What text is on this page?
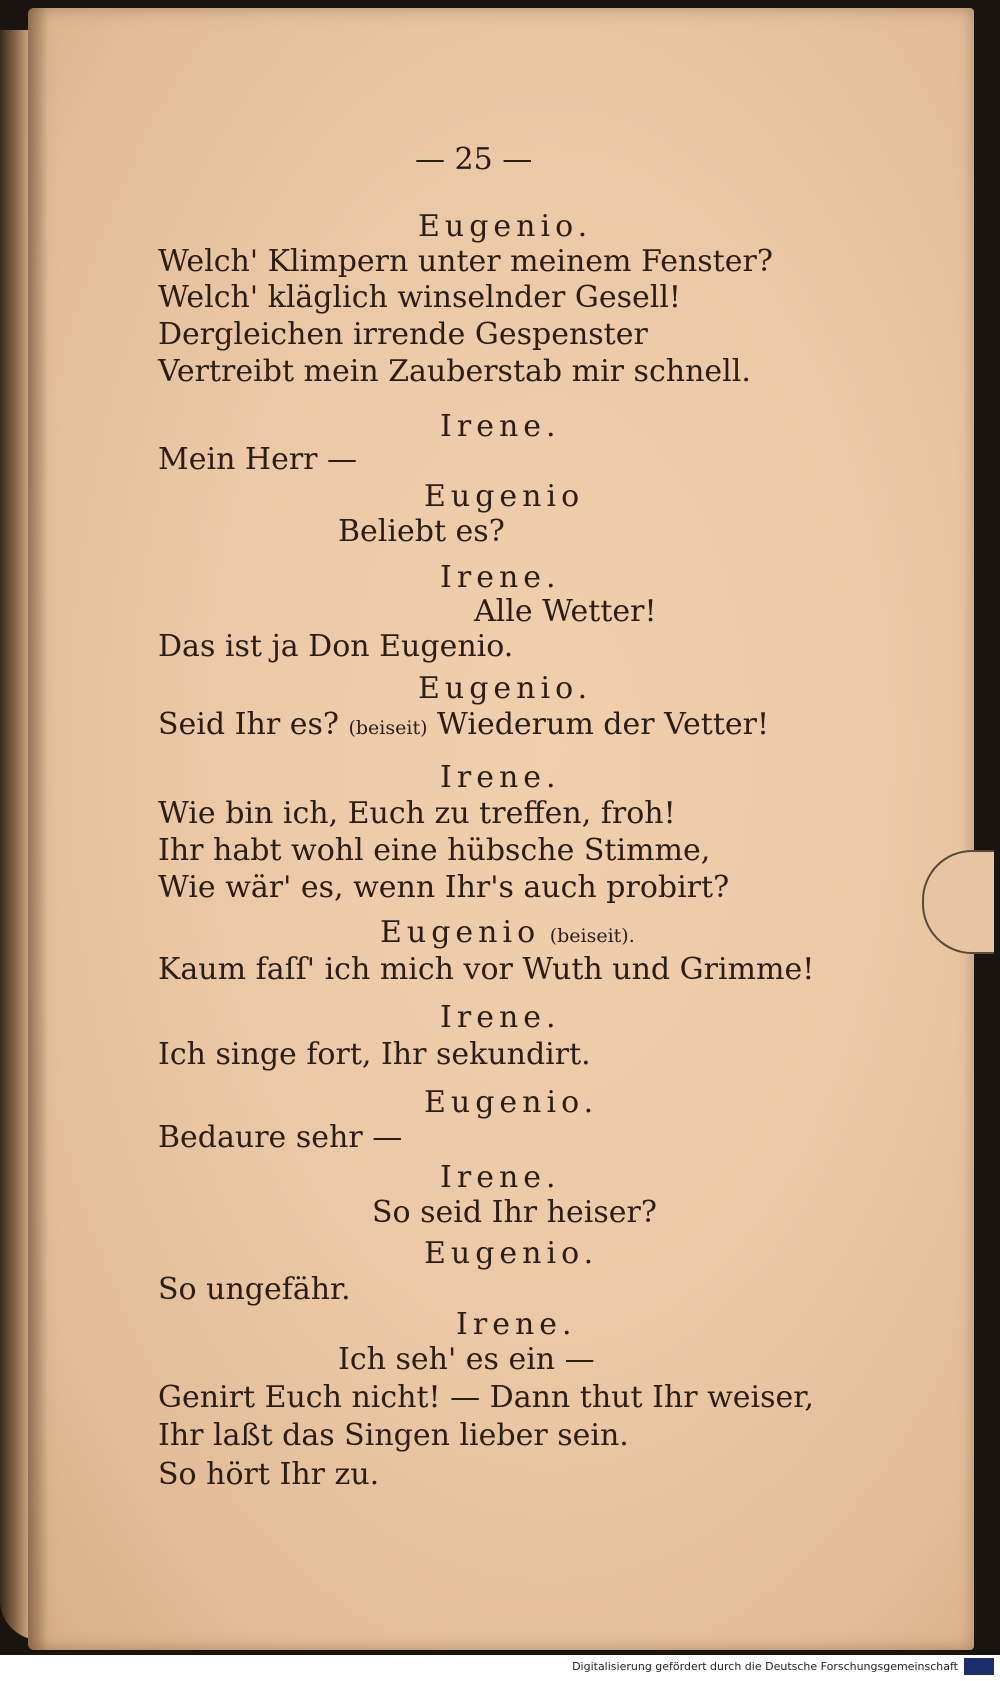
— 25 —
Eugenio.
Welch' Klimpern unter meinem Fenster?
Welch' kläglich winselnder Gesell!
Dergleichen irrende Gespenster
Vertreibt mein Zauberstab mir schnell.
Irene.
Mein Herr —
Eugenio
Beliebt es?
Irene.
Alle Wetter!
Das ist ja Don Eugenio.
Eugenio.
Seid Ihr es? (beiseit) Wiederum der Vetter!
Irene.
Wie bin ich, Euch zu treffen, froh!
Ihr habt wohl eine hübsche Stimme,
Wie wär' es, wenn Ihr's auch probirt?
Eugenio (beiseit).
Kaum faſſ' ich mich vor Wuth und Grimme!
Irene.
Ich singe fort, Ihr sekundirt.
Eugenio.
Bedaure sehr —
Irene.
So seid Ihr heiser?
Eugenio.
So ungefähr.
Irene.
Ich seh' es ein —
Genirt Euch nicht! — Dann thut Ihr weiser,
Ihr laßt das Singen lieber sein.
So hört Ihr zu.
Digitalisierung gefördert durch die Deutsche Forschungsgemeinschaft
